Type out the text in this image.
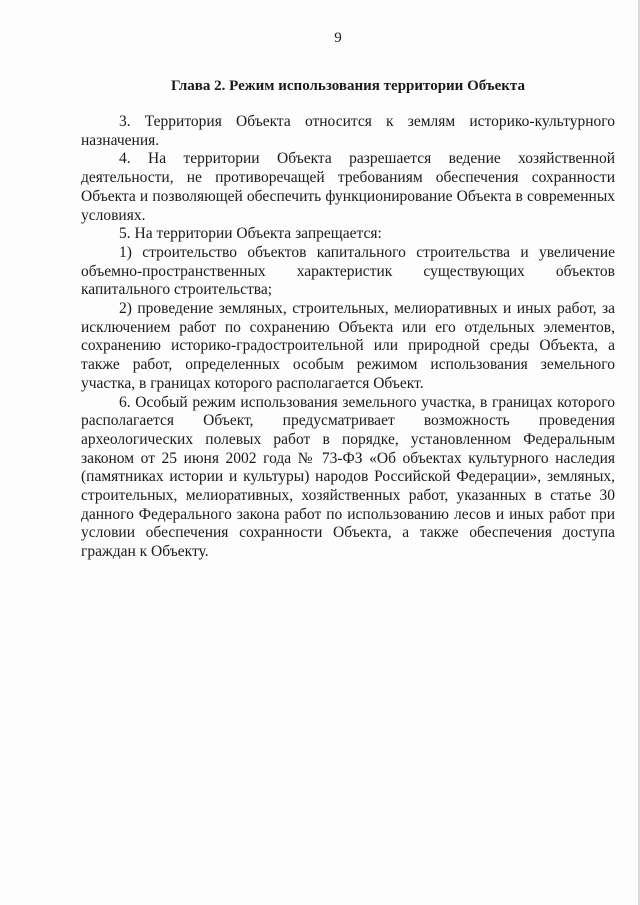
9
Глава 2. Режим использования территории Объекта

3. Территория Объекта относится к землям историко-культурного назначения.

4. На территории Объекта разрешается ведение хозяйственной деятельности, не противоречащей требованиям обеспечения сохранности Объекта и позволяющей обеспечить функционирование Объекта в современных условиях.

5. На территории Объекта запрещается:

1) строительство объектов капитального строительства и увеличение объемно-пространственных характеристик существующих объектов капитального строительства;

2) проведение земляных, строительных, мелиоративных и иных работ, за исключением работ по сохранению Объекта или его отдельных элементов, сохранению историко-градостроительной или природной среды Объекта, а также работ, определенных особым режимом использования земельного участка, в границах которого располагается Объект.

6. Особый режим использования земельного участка, в границах которого располагается Объект, предусматривает возможность проведения археологических полевых работ в порядке, установленном Федеральным законом от 25 июня 2002 года № 73-ФЗ «Об объектах культурного наследия (памятниках истории и культуры) народов Российской Федерации», земляных, строительных, мелиоративных, хозяйственных работ, указанных в статье 30 данного Федерального закона работ по использованию лесов и иных работ при условии обеспечения сохранности Объекта, а также обеспечения доступа граждан к Объекту.
